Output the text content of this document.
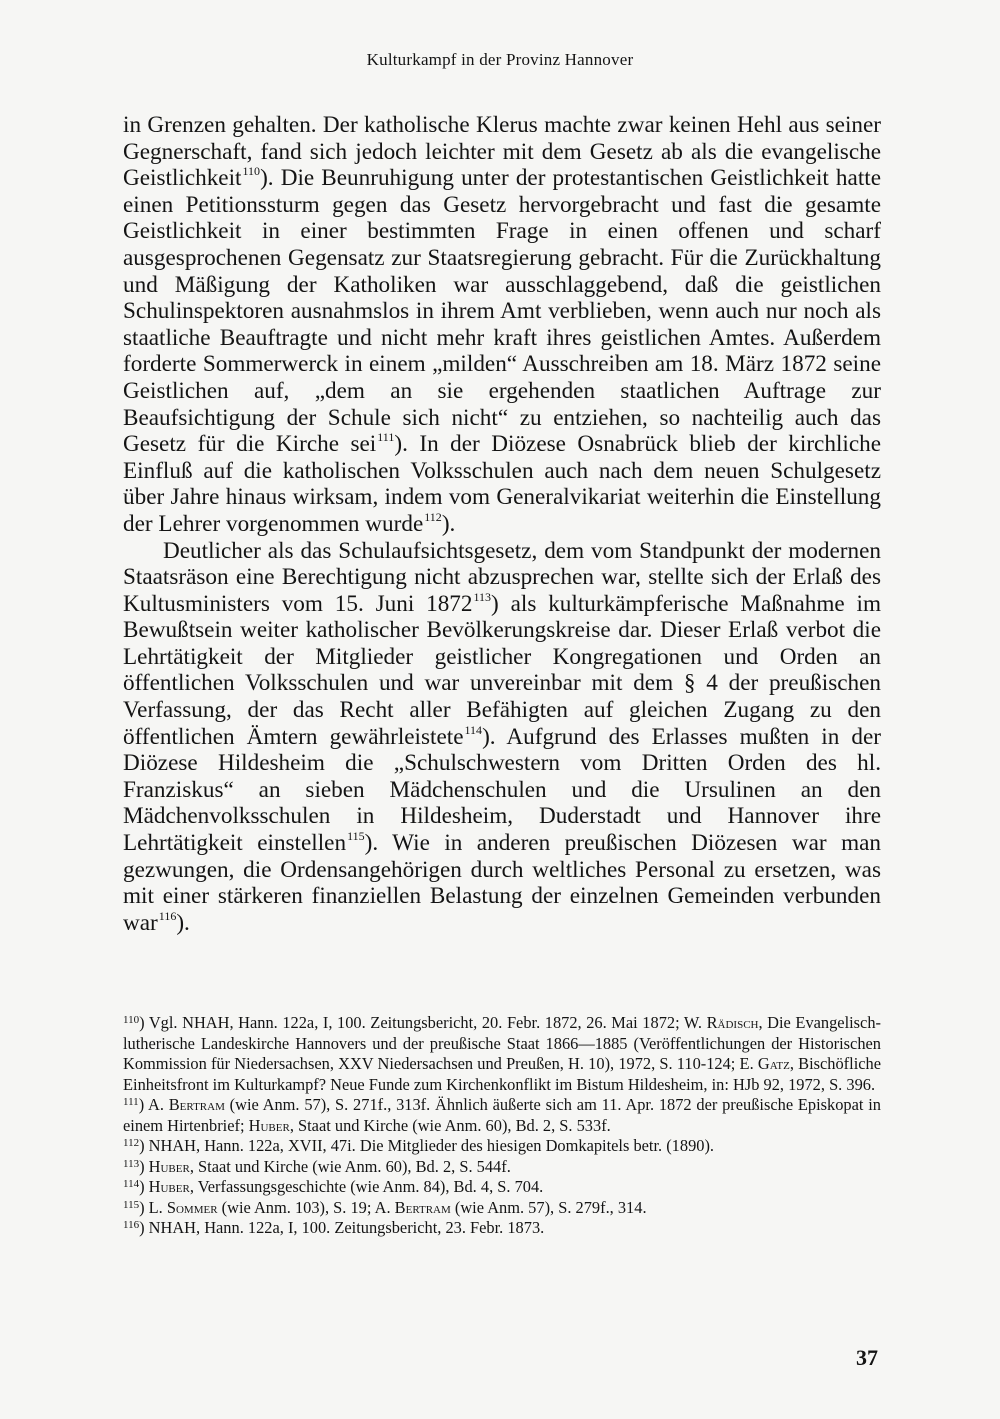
Kulturkampf in der Provinz Hannover

in Grenzen gehalten. Der katholische Klerus machte zwar keinen Hehl aus seiner Gegnerschaft, fand sich jedoch leichter mit dem Gesetz ab als die evangelische Geistlichkeit$^{110}$). Die Beunruhigung unter der protestantischen Geistlichkeit hatte einen Petitionssturm gegen das Gesetz hervorgebracht und fast die gesamte Geistlichkeit in einer bestimmten Frage in einen offenen und scharf ausgesprochenen Gegensatz zur Staatsregierung gebracht. Für die Zurückhaltung und Mäßigung der Katholiken war ausschlaggebend, daß die geistlichen Schulinspektoren ausnahmslos in ihrem Amt verblieben, wenn auch nur noch als staatliche Beauftragte und nicht mehr kraft ihres geistlichen Amtes. Außerdem forderte Sommerwerck in einem „milden“ Ausschreiben am 18. März 1872 seine Geistlichen auf, „dem an sie ergehenden staatlichen Auftrage zur Beaufsichtigung der Schule sich nicht“ zu entziehen, so nachteilig auch das Gesetz für die Kirche sei$^{111}$). In der Diözese Osnabrück blieb der kirchliche Einfluß auf die katholischen Volksschulen auch nach dem neuen Schulgesetz über Jahre hinaus wirksam, indem vom Generalvikariat weiterhin die Einstellung der Lehrer vorgenommen wurde$^{112}$).

Deutlicher als das Schulaufsichtsgesetz, dem vom Standpunkt der modernen Staatsräson eine Berechtigung nicht abzusprechen war, stellte sich der Erlaß des Kultusministers vom 15. Juni 1872$^{113}$) als kulturkämpferische Maßnahme im Bewußtsein weiter katholischer Bevölkerungskreise dar. Dieser Erlaß verbot die Lehrtätigkeit der Mitglieder geistlicher Kongregationen und Orden an öffentlichen Volksschulen und war unvereinbar mit dem § 4 der preußischen Verfassung, der das Recht aller Befähigten auf gleichen Zugang zu den öffentlichen Ämtern gewährleistete$^{114}$). Aufgrund des Erlasses mußten in der Diözese Hildesheim die „Schulschwestern vom Dritten Orden des hl. Franziskus“ an sieben Mädchenschulen und die Ursulinen an den Mädchenvolksschulen in Hildesheim, Duderstadt und Hannover ihre Lehrtätigkeit einstellen$^{115}$). Wie in anderen preußischen Diözesen war man gezwungen, die Ordensangehörigen durch weltliches Personal zu ersetzen, was mit einer stärkeren finanziellen Belastung der einzelnen Gemeinden verbunden war$^{116}$).

$^{110}$) Vgl. NHAH, Hann. 122a, I, 100. Zeitungsbericht, 20. Febr. 1872, 26. Mai 1872; W. Rädisch, Die Evangelisch-lutherische Landeskirche Hannovers und der preußische Staat 1866—1885 (Veröffentlichungen der Historischen Kommission für Niedersachsen, XXV Niedersachsen und Preußen, H. 10), 1972, S. 110-124; E. Gatz, Bischöfliche Einheitsfront im Kulturkampf? Neue Funde zum Kirchenkonflikt im Bistum Hildesheim, in: HJb 92, 1972, S. 396.

$^{111}$) A. Bertram (wie Anm. 57), S. 271f., 313f. Ähnlich äußerte sich am 11. Apr. 1872 der preußische Episkopat in einem Hirtenbrief; Huber, Staat und Kirche (wie Anm. 60), Bd. 2, S. 533f.

$^{112}$) NHAH, Hann. 122a, XVII, 47i. Die Mitglieder des hiesigen Domkapitels betr. (1890).

$^{113}$) Huber, Staat und Kirche (wie Anm. 60), Bd. 2, S. 544f.

$^{114}$) Huber, Verfassungsgeschichte (wie Anm. 84), Bd. 4, S. 704.

$^{115}$) L. Sommer (wie Anm. 103), S. 19; A. Bertram (wie Anm. 57), S. 279f., 314.

$^{116}$) NHAH, Hann. 122a, I, 100. Zeitungsbericht, 23. Febr. 1873.

37
